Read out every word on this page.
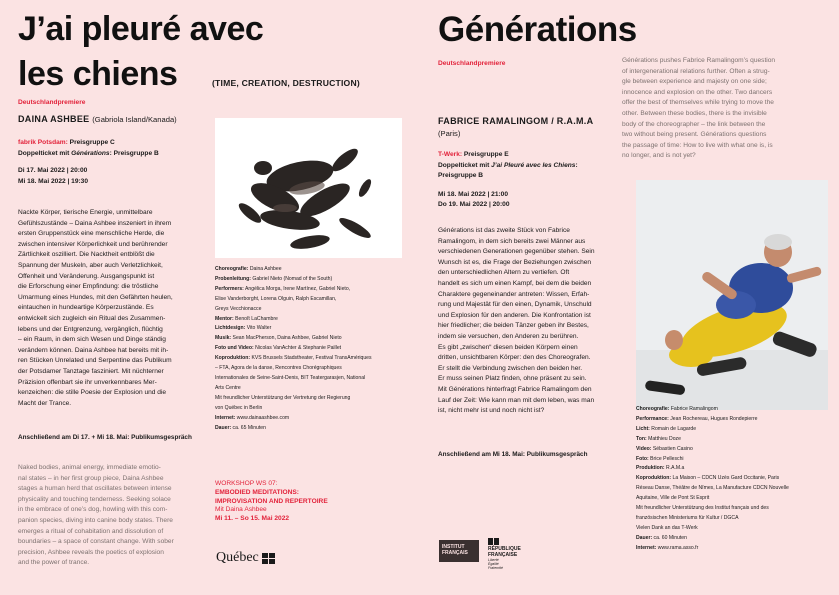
J’ai pleuré avec
les chiens	(TIME, CREATION, DESTRUCTION)
Deutschlandpremiere
DAINA ASHBEE (Gabriola Island/Kanada)
fabrik Potsdam: Preisgruppe C
Doppelticket mit Générations: Preisgruppe B
Di 17. Mai 2022 | 20:00
Mi 18. Mai 2022 | 19:30
Nackte Körper, tierische Energie, unmittelbare
Gefühlszustände – Daina Ashbee inszeniert in ihrem
ersten Gruppenstück eine menschliche Herde, die
zwischen intensiver Körperlichkeit und berührender
Zärtlichkeit oszilliert. Die Nacktheit entblößt die
Spannung der Muskeln, aber auch Verletzlichkeit,
Offenheit und Veränderung. Ausgangspunkt ist
die Erforschung einer Empfindung: die tröstliche
Umarmung eines Hundes, mit den Gefährten heulen,
eintauchen in hundeartige Körperzustände. Es
entwickelt sich zugleich ein Ritual des Zusammen-
lebens und der Entgrenzung, vergänglich, flüchtig
– ein Raum, in dem sich Wesen und Dinge ständig
verändern können. Daina Ashbee hat bereits mit ih-
ren Stücken Unrelated und Serpentine das Publikum
der Potsdamer Tanztage fasziniert. Mit nüchterner
Präzision offenbart sie ihr unverkennbares Mer-
kenzeichen: die stille Poesie der Explosion und die
Macht der Trance.
Anschließend am Di 17. + Mi 18. Mai: Publikumsgespräch
Naked bodies, animal energy, immediate emotio-
nal states – in her first group piece, Daina Ashbee
stages a human herd that oscillates between intense
physicality and touching tenderness. Seeking solace
in the embrace of one’s dog, howling with this com-
panion species, diving into canine body states. There
emerges a ritual of cohabitation and dissolution of
boundaries – a space of constant change. With sober
precision, Ashbee reveals the poetics of explosion
and the power of trance.
Choreografie: Daina Ashbee
Probenleitung: Gabriel Nieto (Nomad of the South)
Performers: Angélica Morga, Irene Martínez, Gabriel Nieto,
Elise Vanderborght, Lorena Olguin, Ralph Escamillan,
Greys Vecchionacce
Mentor: Benoît LaChambre
Lichtdesign: Vito Walter
Musik: Sean MacPherson, Daina Ashbee, Gabriel Nieto
Foto und Video: Nicolas VanAchter & Stephanie Paillet
Koproduktion: KVS Brussels Stadstheater, Festival TransAmériques
– FTA, Agora de la danse, Rencontres Chorégraphiques
Internationales de Seine-Saint-Denis, BIT Teatergarasjen, National
Arts Centre
Mit freundlicher Unterstützung der Vertretung der Regierung
von Québec in Berlin
Internet: www.dainaashbee.com
Dauer: ca. 65 Minuten
WORKSHOP WS 07:
EMBODIED MEDITATIONS:
IMPROVISATION AND REPERTOIRE
Mit Daina Ashbee
Mi 11. – So 15. Mai 2022
Québec
Générations
Deutschlandpremiere	Générations pushes Fabrice Ramalingom’s question
of intergenerational relations further. Often a strug-
gle between experience and majesty on one side;
innocence and explosion on the other. Two dancers
offer the best of themselves while trying to move the
other. Between these bodies, there is the invisible
body of the choreographer – the link between the
two without being present. Générations questions
the passage of time: How to live with what one is, is
no longer, and is not yet?
FABRICE RAMALINGOM / R.A.M.A
(Paris)
T-Werk: Preisgruppe E
Doppelticket mit J’ai Pleuré avec les Chiens:
Preisgruppe B
Mi 18. Mai 2022 | 21:00
Do 19. Mai 2022 | 20:00
Générations ist das zweite Stück von Fabrice
Ramalingom, in dem sich bereits zwei Männer aus
verschiedenen Generationen gegenüber stehen. Sein
Wunsch ist es, die Frage der Beziehungen zwischen
den unterschiedlichen Altern zu vertiefen. Oft
handelt es sich um einen Kampf, bei dem die beiden
Charaktere gegeneinander antreten: Wissen, Erfah-
rung und Majestät für den einen, Dynamik, Unschuld
und Explosion für den anderen. Die Konfrontation ist
hier friedlicher; die beiden Tänzer geben ihr Bestes,
indem sie versuchen, den Anderen zu berühren.
Es gibt „zwischen“ diesen beiden Körpern einen
dritten, unsichtbaren Körper: den des Choreografen.
Er stellt die Verbindung zwischen den beiden her.
Er muss seinen Platz finden, ohne präsent zu sein.
Mit Générations hinterfragt Fabrice Ramalingom den
Lauf der Zeit: Wie kann man mit dem leben, was man
ist, nicht mehr ist und noch nicht ist?
Anschließend am Mi 18. Mai: Publikumsgespräch
INSTITUT
FRANÇAIS
RÉPUBLIQUE
FRANÇAISE
Liberté Égalité Fraternité
Choreografie: Fabrice Ramalingom
Performance: Jean Rochereau, Hugues Rondepierre
Licht: Romain de Lagarde
Ton: Matthieu Doze
Video: Sébastien Casino
Foto: Brice Pelleschi
Produktion: R.A.M.a
Koproduktion: La Maison – CDCN Uzès Gard Occitanie, Paris
Réseau Danse, Théâtre de Nîmes, La Manufacture CDCN Nouvelle
Aquitaine, Ville de Pont St Esprit
Mit freundlicher Unterstützung des Institut français und des
französischen Ministeriums für Kultur / DGCA
Vielen Dank an das T-Werk
Dauer: ca. 60 Minuten
Internet: www.rama.asso.fr
